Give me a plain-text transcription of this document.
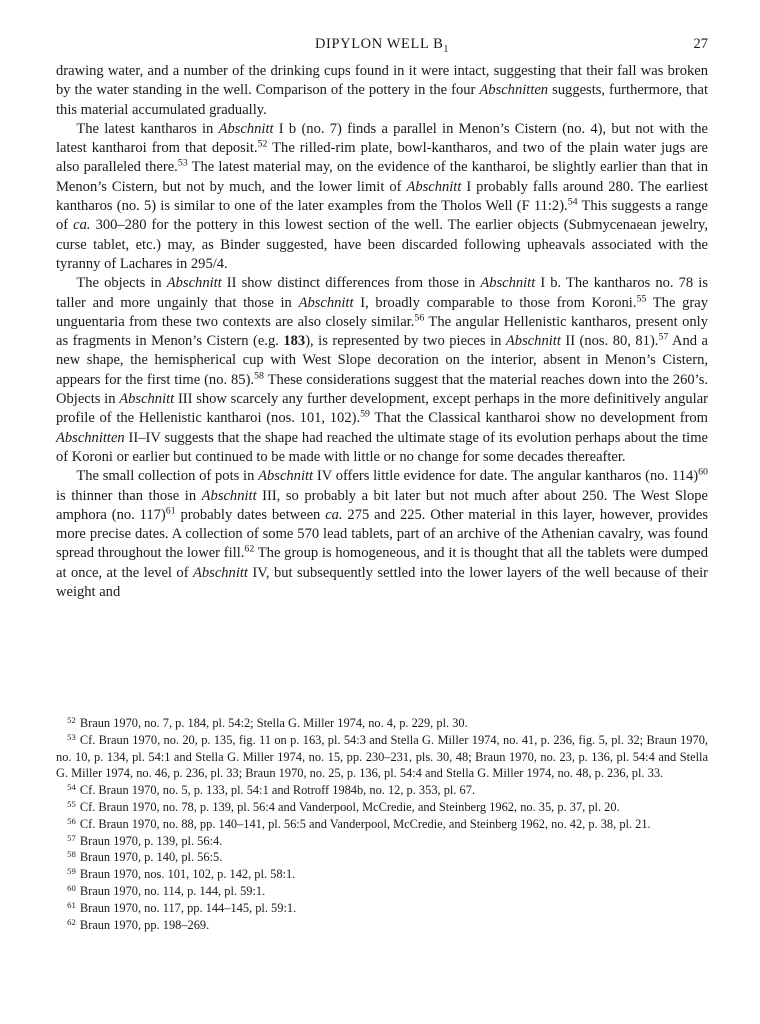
DIPYLON WELL $B_1$	27

drawing water, and a number of the drinking cups found in it were intact, suggesting that their fall was broken by the water standing in the well. Comparison of the pottery in the four Abschnitten suggests, furthermore, that this material accumulated gradually.

The latest kantharos in Abschnitt I b (no. 7) finds a parallel in Menon’s Cistern (no. 4), but not with the latest kantharoi from that deposit.$^{52}$ The rilled-rim plate, bowl-kantharos, and two of the plain water jugs are also paralleled there.$^{53}$ The latest material may, on the evidence of the kantharoi, be slightly earlier than that in Menon’s Cistern, but not by much, and the lower limit of Abschnitt I probably falls around 280. The earliest kantharos (no. 5) is similar to one of the later examples from the Tholos Well (F 11:2).$^{54}$ This suggests a range of ca. 300–280 for the pottery in this lowest section of the well. The earlier objects (Submycenaean jewelry, curse tablet, etc.) may, as Binder suggested, have been discarded following upheavals associated with the tyranny of Lachares in 295/4.

The objects in Abschnitt II show distinct differences from those in Abschnitt I b. The kantharos no. 78 is taller and more ungainly that those in Abschnitt I, broadly comparable to those from Koroni.$^{55}$ The gray unguentaria from these two contexts are also closely similar.$^{56}$ The angular Hellenistic kantharos, present only as fragments in Menon’s Cistern (e.g. 183), is represented by two pieces in Abschnitt II (nos. 80, 81).$^{57}$ And a new shape, the hemispherical cup with West Slope decoration on the interior, absent in Menon’s Cistern, appears for the first time (no. 85).$^{58}$ These considerations suggest that the material reaches down into the 260’s. Objects in Abschnitt III show scarcely any further development, except perhaps in the more definitively angular profile of the Hellenistic kantharoi (nos. 101, 102).$^{59}$ That the Classical kantharoi show no development from Abschnitten II–IV suggests that the shape had reached the ultimate stage of its evolution perhaps about the time of Koroni or earlier but continued to be made with little or no change for some decades thereafter.

The small collection of pots in Abschnitt IV offers little evidence for date. The angular kantharos (no. 114)$^{60}$ is thinner than those in Abschnitt III, so probably a bit later but not much after about 250. The West Slope amphora (no. 117)$^{61}$ probably dates between ca. 275 and 225. Other material in this layer, however, provides more precise dates. A collection of some 570 lead tablets, part of an archive of the Athenian cavalry, was found spread throughout the lower fill.$^{62}$ The group is homogeneous, and it is thought that all the tablets were dumped at once, at the level of Abschnitt IV, but subsequently settled into the lower layers of the well because of their weight and

$^{52}$ Braun 1970, no. 7, p. 184, pl. 54:2; Stella G. Miller 1974, no. 4, p. 229, pl. 30.

$^{53}$ Cf. Braun 1970, no. 20, p. 135, fig. 11 on p. 163, pl. 54:3 and Stella G. Miller 1974, no. 41, p. 236, fig. 5, pl. 32; Braun 1970, no. 10, p. 134, pl. 54:1 and Stella G. Miller 1974, no. 15, pp. 230–231, pls. 30, 48; Braun 1970, no. 23, p. 136, pl. 54:4 and Stella G. Miller 1974, no. 46, p. 236, pl. 33; Braun 1970, no. 25, p. 136, pl. 54:4 and Stella G. Miller 1974, no. 48, p. 236, pl. 33.

$^{54}$ Cf. Braun 1970, no. 5, p. 133, pl. 54:1 and Rotroff 1984b, no. 12, p. 353, pl. 67.

$^{55}$ Cf. Braun 1970, no. 78, p. 139, pl. 56:4 and Vanderpool, McCredie, and Steinberg 1962, no. 35, p. 37, pl. 20.

$^{56}$ Cf. Braun 1970, no. 88, pp. 140–141, pl. 56:5 and Vanderpool, McCredie, and Steinberg 1962, no. 42, p. 38, pl. 21.

$^{57}$ Braun 1970, p. 139, pl. 56:4.

$^{58}$ Braun 1970, p. 140, pl. 56:5.

$^{59}$ Braun 1970, nos. 101, 102, p. 142, pl. 58:1.

$^{60}$ Braun 1970, no. 114, p. 144, pl. 59:1.

$^{61}$ Braun 1970, no. 117, pp. 144–145, pl. 59:1.

$^{62}$ Braun 1970, pp. 198–269.
